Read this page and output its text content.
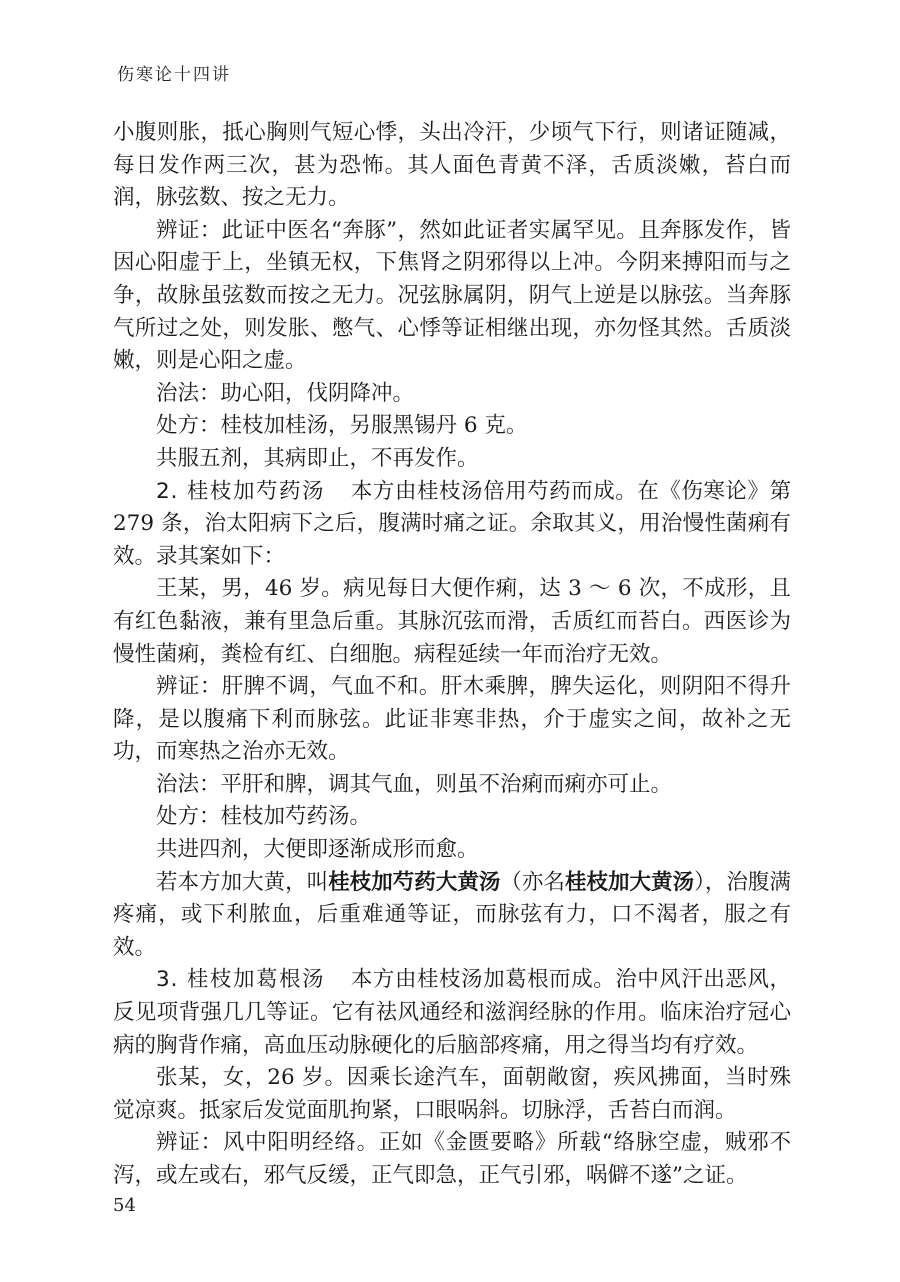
伤寒论十四讲

小腹则胀，抵心胸则气短心悸，头出冷汗，少顷气下行，则诸证随减，每日发作两三次，甚为恐怖。其人面色青黄不泽，舌质淡嫩，苔白而润，脉弦数、按之无力。

辨证：此证中医名“奔豚”，然如此证者实属罕见。且奔豚发作，皆因心阳虚于上，坐镇无权，下焦肾之阴邪得以上冲。今阴来搏阳而与之争，故脉虽弦数而按之无力。况弦脉属阴，阴气上逆是以脉弦。当奔豚气所过之处，则发胀、憋气、心悸等证相继出现，亦勿怪其然。舌质淡嫩，则是心阳之虚。

治法：助心阳，伐阴降冲。

处方：桂枝加桂汤，另服黑锡丹 6 克。

共服五剂，其病即止，不再发作。

2. 桂枝加芍药汤 本方由桂枝汤倍用芍药而成。在《伤寒论》第 279 条，治太阳病下之后，腹满时痛之证。余取其义，用治慢性菌痢有效。录其案如下：

王某，男，46 岁。病见每日大便作痢，达 3 ～ 6 次，不成形，且有红色黏液，兼有里急后重。其脉沉弦而滑，舌质红而苔白。西医诊为慢性菌痢，粪检有红、白细胞。病程延续一年而治疗无效。

辨证：肝脾不调，气血不和。肝木乘脾，脾失运化，则阴阳不得升降，是以腹痛下利而脉弦。此证非寒非热，介于虚实之间，故补之无功，而寒热之治亦无效。

治法：平肝和脾，调其气血，则虽不治痢而痢亦可止。

处方：桂枝加芍药汤。

共进四剂，大便即逐渐成形而愈。

若本方加大黄，叫桂枝加芍药大黄汤（亦名桂枝加大黄汤），治腹满疼痛，或下利脓血，后重难通等证，而脉弦有力，口不渴者，服之有效。

3. 桂枝加葛根汤 本方由桂枝汤加葛根而成。治中风汗出恶风，反见项背强几几等证。它有祛风通经和滋润经脉的作用。临床治疗冠心病的胸背作痛，高血压动脉硬化的后脑部疼痛，用之得当均有疗效。

张某，女，26 岁。因乘长途汽车，面朝敞窗，疾风拂面，当时殊觉凉爽。抵家后发觉面肌拘紧，口眼㖞斜。切脉浮，舌苔白而润。

辨证：风中阳明经络。正如《金匮要略》所载“络脉空虚，贼邪不泻，或左或右，邪气反缓，正气即急，正气引邪，㖞僻不遂”之证。

54
